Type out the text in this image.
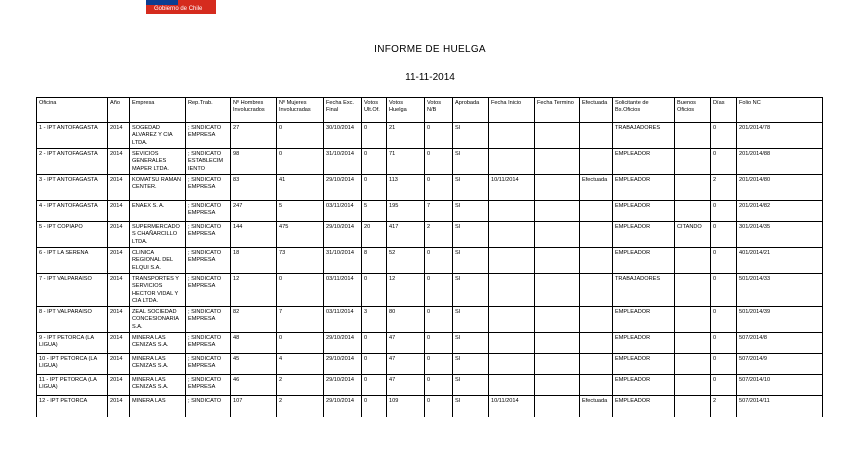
Gobierno de Chile
INFORME DE HUELGA
11-11-2014
Oficina	Año	Empresa	Rep.Trab.	Nº Hombres Involucrados	Nº Mujeres Involucradas	Fecha Exc. Final	Votos Ult.Of.	Votos Huelga	Votos N/B	Aprobada	Fecha Inicio	Fecha Termino	Efectuada	Solicitante de Bs.Oficios	Buenos Oficios	Días	Folio NC
1 - IPT ANTOFAGASTA	2014	SOGEDAD ALVAREZ Y CIA LTDA.	; SINDICATO EMPRESA	27	0	30/10/2014	0	21	0	SI				TRABAJADORES		0	201/2014/78
2 - IPT ANTOFAGASTA	2014	SEVICIOS GENERALES MAPER LTDA.	; SINDICATO ESTABLECIM IENTO	98	0	31/10/2014	0	71	0	SI				EMPLEADOR		0	201/2014/88
3 - IPT ANTOFAGASTA	2014	KOMATSU RAMAN CENTER.	; SINDICATO EMPRESA	83	41	29/10/2014	0	113	0	SI	10/11/2014		Efectuada	EMPLEADOR		2	201/2014/80
4 - IPT ANTOFAGASTA	2014	ENAEX S. A.	; SINDICATO EMPRESA	247	5	03/11/2014	5	195	7	SI				EMPLEADOR		0	201/2014/82
5 - IPT COPIAPO	2014	SUPERMERCADOS CHAÑARCILLO LTDA.	; SINDICATO EMPRESA	144	475	29/10/2014	20	417	2	SI				EMPLEADOR	CITANDO	0	301/2014/35
6 - IPT LA SERENA	2014	CLINICA REGIONAL DEL ELQUI S.A.	; SINDICATO EMPRESA	18	73	31/10/2014	8	52	0	SI				EMPLEADOR		0	401/2014/21
7 - IPT VALPARAISO	2014	TRANSPORTES Y SERVICIOS HECTOR VIDAL Y CIA LTDA.	; SINDICATO EMPRESA	12	0	03/11/2014	0	12	0	SI				TRABAJADORES		0	501/2014/33
8 - IPT VALPARAISO	2014	ZEAL SOCIEDAD CONCESIONARIA S.A.	; SINDICATO EMPRESA	82	7	03/11/2014	3	80	0	SI				EMPLEADOR		0	501/2014/39
9 - IPT PETORCA (LA LIGUA)	2014	MINERA LAS CENIZAS S.A.	; SINDICATO EMPRESA	48	0	29/10/2014	0	47	0	SI				EMPLEADOR		0	507/2014/8
10 - IPT PETORCA (LA LIGUA)	2014	MINERA LAS CENIZAS S.A.	; SINDICATO EMPRESA	45	4	29/10/2014	0	47	0	SI				EMPLEADOR		0	507/2014/9
11 - IPT PETORCA (LA LIGUA)	2014	MINERA LAS CENIZAS S.A.	; SINDICATO EMPRESA	46	2	29/10/2014	0	47	0	SI				EMPLEADOR		0	507/2014/10
12 - IPT PETORCA	2014	MINERA LAS	; SINDICATO	107	2	29/10/2014	0	109	0	SI	10/11/2014		Efectuada	EMPLEADOR		2	507/2014/11
